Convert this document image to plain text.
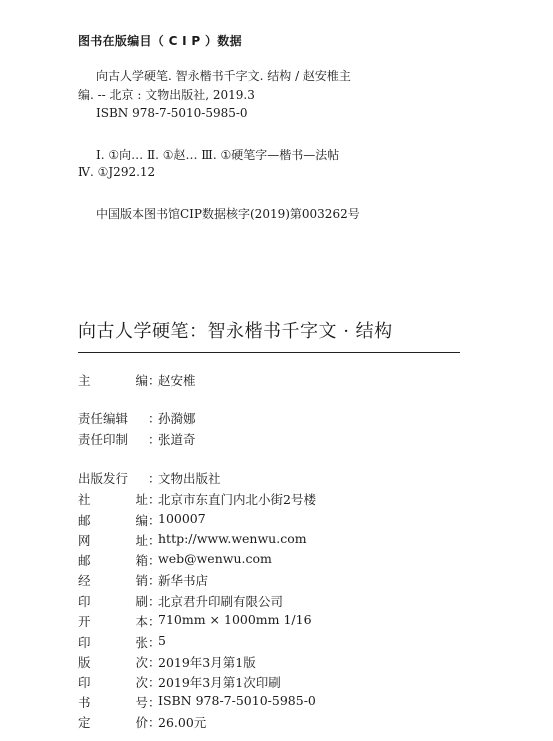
图书在版编目（ C I P ）数据
向古人学硬笔. 智永楷书千字文. 结构 / 赵安椎主
编. -- 北京 : 文物出版社, 2019.3
ISBN 978-7-5010-5985-0
Ⅰ. ①向… Ⅱ. ①赵… Ⅲ. ①硬笔字—楷书—法帖
Ⅳ. ①J292.12
中国版本图书馆CIP数据核字(2019)第003262号
向古人学硬笔：智永楷书千字文 · 结构
主	编 ：
赵安椎
责任编辑	：
孙漪娜
责任印制	：
张道奇
出版发行	：
文物出版社
社	址 ：
北京市东直门内北小街2号楼
邮	编 ：
100007
网	址 ：
http://www.wenwu.com
邮	箱 ：
web@wenwu.com
经	销 ：
新华书店
印	刷 ：
北京君升印刷有限公司
开	本 ：
710mm × 1000mm 1/16
印	张 ：
5
版	次 ：
2019年3月第1版
印	次 ：
2019年3月第1次印刷
书	号 ：
ISBN 978-7-5010-5985-0
定	价 ：
26.00元
